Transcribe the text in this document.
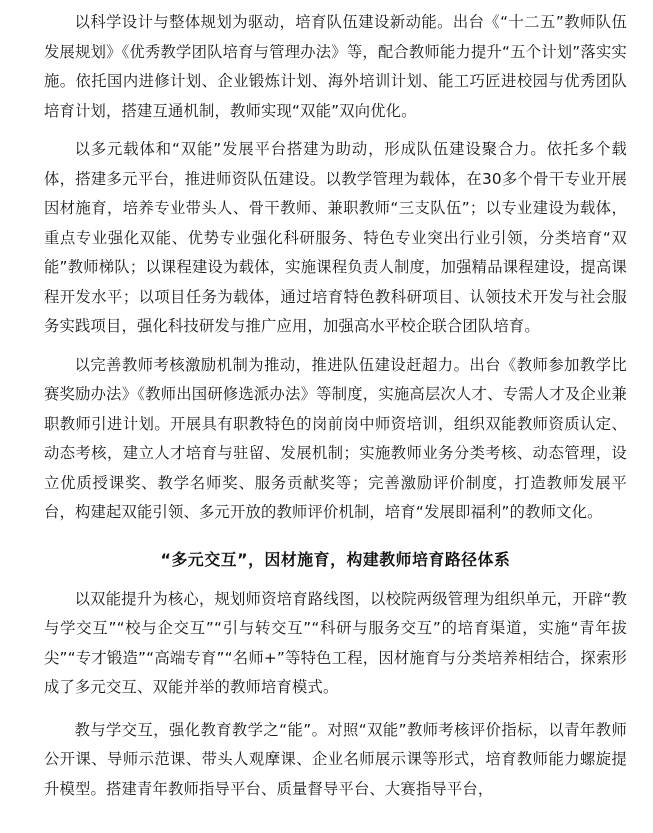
以科学设计与整体规划为驱动，培育队伍建设新动能。出台《“十二五”教师队伍发展规划》《优秀教学团队培育与管理办法》等，配合教师能力提升“五个计划”落实实施。依托国内进修计划、企业锻炼计划、海外培训计划、能工巧匠进校园与优秀团队培育计划，搭建互通机制，教师实现“双能”双向优化。

以多元载体和“双能”发展平台搭建为助动，形成队伍建设聚合力。依托多个载体，搭建多元平台，推进师资队伍建设。以教学管理为载体，在30多个骨干专业开展因材施育，培养专业带头人、骨干教师、兼职教师“三支队伍”；以专业建设为载体，重点专业强化双能、优势专业强化科研服务、特色专业突出行业引领，分类培育“双能”教师梯队；以课程建设为载体，实施课程负责人制度，加强精品课程建设，提高课程开发水平；以项目任务为载体，通过培育特色教科研项目、认领技术开发与社会服务实践项目，强化科技研发与推广应用，加强高水平校企联合团队培育。

以完善教师考核激励机制为推动，推进队伍建设赶超力。出台《教师参加教学比赛奖励办法》《教师出国研修选派办法》等制度，实施高层次人才、专需人才及企业兼职教师引进计划。开展具有职教特色的岗前岗中师资培训，组织双能教师资质认定、动态考核，建立人才培育与驻留、发展机制；实施教师业务分类考核、动态管理，设立优质授课奖、教学名师奖、服务贡献奖等；完善激励评价制度，打造教师发展平台，构建起双能引领、多元开放的教师评价机制，培育“发展即福利”的教师文化。

“多元交互”，因材施育，构建教师培育路径体系

以双能提升为核心，规划师资培育路线图，以校院两级管理为组织单元，开辟“教与学交互”“校与企交互”“引与转交互”“科研与服务交互”的培育渠道，实施“青年拔尖”“专才锻造”“高端专育”“名师+”等特色工程，因材施育与分类培养相结合，探索形成了多元交互、双能并举的教师培育模式。

教与学交互，强化教育教学之“能”。对照“双能”教师考核评价指标，以青年教师公开课、导师示范课、带头人观摩课、企业名师展示课等形式，培育教师能力螺旋提升模型。搭建青年教师指导平台、质量督导平台、大赛指导平台，
